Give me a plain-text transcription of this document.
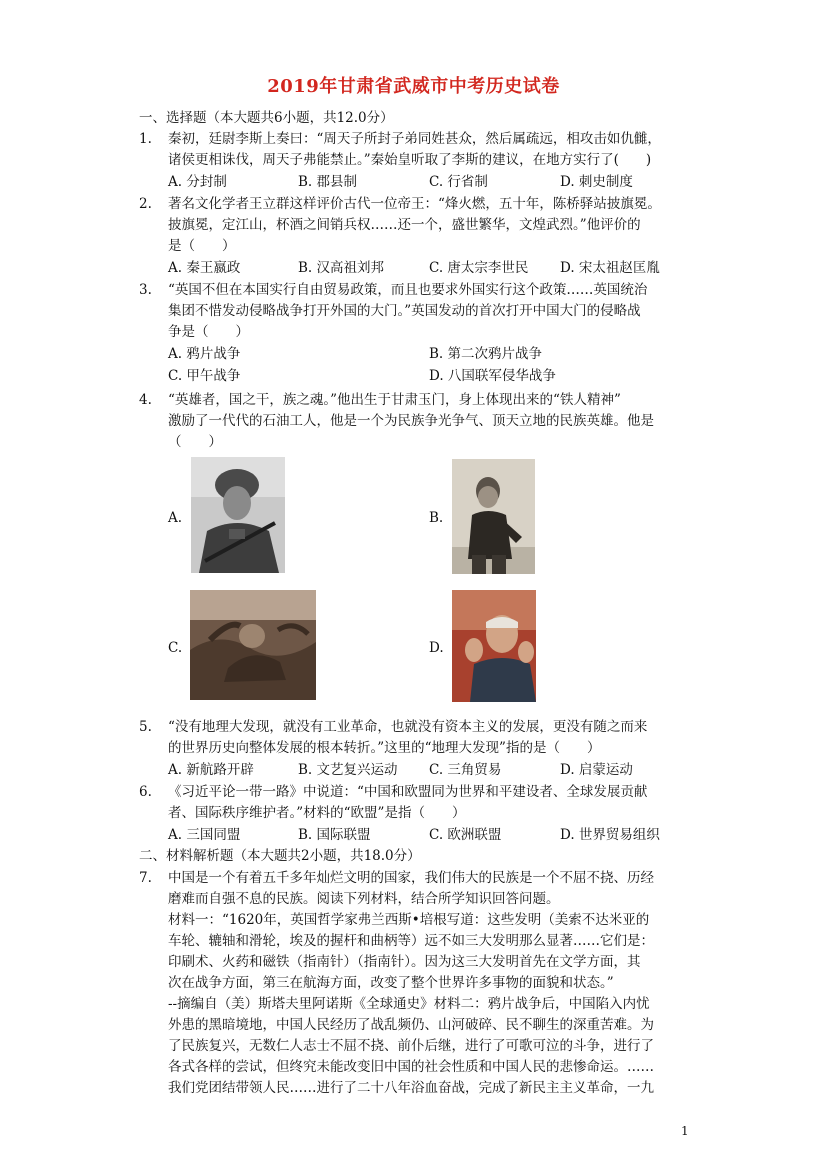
2019年甘肃省武威市中考历史试卷
一、选择题（本大题共6小题，共12.0分）
1. 秦初，廷尉李斯上奏曰：“周天子所封子弟同姓甚众，然后属疏远，相攻击如仇雠，
诸侯更相诛伐，周天子弗能禁止。”秦始皇听取了李斯的建议，在地方实行了(　　)
A. 分封制	B. 郡县制	C. 行省制	D. 刺史制度
2. 著名文化学者王立群这样评价古代一位帝王：“烽火燃，五十年，陈桥驿站披旗冕。
披旗冕，定江山，杯酒之间销兵权……还一个，盛世繁华，文煌武烈。”他评价的
是（　　）
A. 秦王嬴政	B. 汉高祖刘邦	C. 唐太宗李世民 D. 宋太祖赵匡胤
3. “英国不但在本国实行自由贸易政策，而且也要求外国实行这个政策……英国统治
集团不惜发动侵略战争打开外国的大门。”英国发动的首次打开中国大门的侵略战
争是（　　）
A. 鸦片战争	B. 第二次鸦片战争
C. 甲午战争	D. 八国联军侵华战争
4. “英雄者，国之干，族之魂。”他出生于甘肃玉门，身上体现出来的“铁人精神”
激励了一代代的石油工人，他是一个为民族争光争气、顶天立地的民族英雄。他是
（　　）
A.	B.
C.	D.
5. “没有地理大发现，就没有工业革命，也就没有资本主义的发展，更没有随之而来
的世界历史向整体发展的根本转折。”这里的“地理大发现”指的是（　　）
A. 新航路开辟	B. 文艺复兴运动 C. 三角贸易	D. 启蒙运动
6. 《习近平论一带一路》中说道：“中国和欧盟同为世界和平建设者、全球发展贡献
者、国际秩序维护者。”材料的“欧盟”是指（　　）
A. 三国同盟	B. 国际联盟	C. 欧洲联盟	D. 世界贸易组织
二、材料解析题（本大题共2小题，共18.0分）
7. 中国是一个有着五千多年灿烂文明的国家，我们伟大的民族是一个不屈不挠、历经
磨难而自强不息的民族。阅读下列材料，结合所学知识回答问题。
材料一：“1620年，英国哲学家弗兰西斯•培根写道：这些发明（美索不达米亚的
车轮、辘轴和滑轮，埃及的握杆和曲柄等）远不如三大发明那么显著……它们是：
印刷术、火药和磁铁（指南针）（指南针）。因为这三大发明首先在文学方面，其
次在战争方面，第三在航海方面，改变了整个世界许多事物的面貌和状态。”
--摘编自（美）斯塔夫里阿诺斯《全球通史》材料二：鸦片战争后，中国陷入内忧
外患的黑暗境地，中国人民经历了战乱频仍、山河破碎、民不聊生的深重苦难。为
了民族复兴，无数仁人志士不屈不挠、前仆后继，进行了可歌可泣的斗争，进行了
各式各样的尝试，但终究未能改变旧中国的社会性质和中国人民的悲惨命运。……
我们党团结带领人民……进行了二十八年浴血奋战，完成了新民主主义革命，一九
1
